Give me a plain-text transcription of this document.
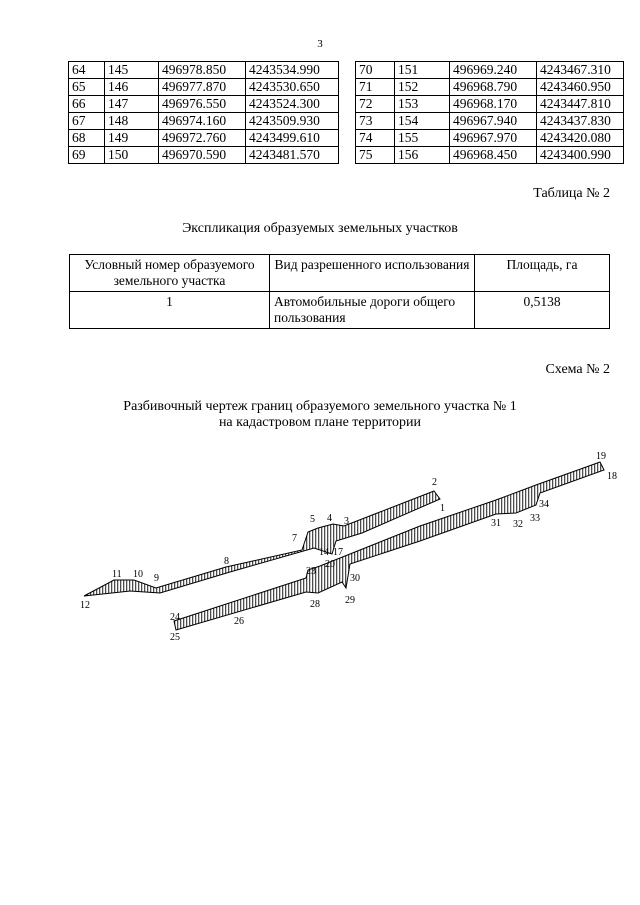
3
64	145	496978.850	4243534.990
65	146	496977.870	4243530.650
66	147	496976.550	4243524.300
67	148	496974.160	4243509.930
68	149	496972.760	4243499.610
69	150	496970.590	4243481.570
70	151	496969.240	4243467.310
71	152	496968.790	4243460.950
72	153	496968.170	4243447.810
73	154	496967.940	4243437.830
74	155	496967.970	4243420.080
75	156	496968.450	4243400.990
Таблица № 2
Экспликация образуемых земельных участков
Условный номер образуемого земельного участка	Вид разрешенного использования	Площадь, га
1	Автомобильные дороги общего пользования	0,5138
Схема № 2
Разбивочный чертеж границ образуемого земельного участка № 1
на кадастровом плане территории
2
1
3
4
5
7
8
9
10
11
12
14 17
18
19
20
23
24
25
26
28	29
30
31 32
33
34
